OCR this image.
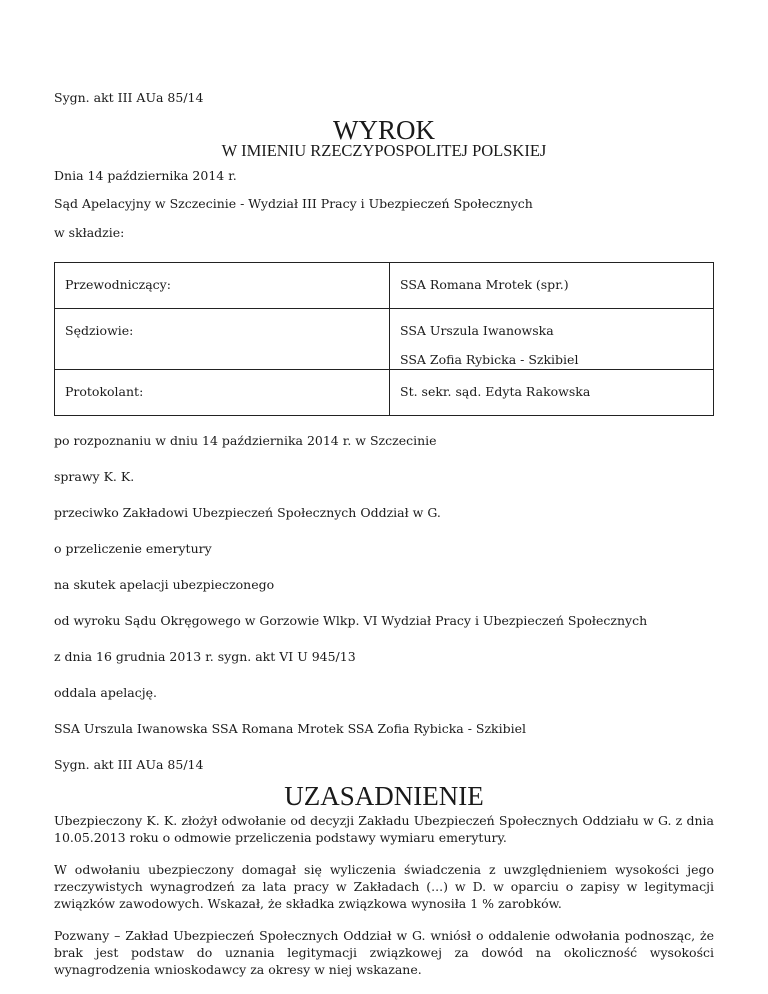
Sygn. akt III AUa 85/14

WYROK
W IMIENIU RZECZYPOSPOLITEJ POLSKIEJ

Dnia 14 października 2014 r.

Sąd Apelacyjny w Szczecinie - Wydział III Pracy i Ubezpieczeń Społecznych

w składzie:

Przewodniczący:	SSA Romana Mrotek (spr.)

Sędziowie:	SSA Urszula Iwanowska
SSA Zofia Rybicka - Szkibiel

Protokolant:	St. sekr. sąd. Edyta Rakowska

po rozpoznaniu w dniu 14 października 2014 r. w Szczecinie

sprawy K. K.

przeciwko Zakładowi Ubezpieczeń Społecznych Oddział w G.

o przeliczenie emerytury

na skutek apelacji ubezpieczonego

od wyroku Sądu Okręgowego w Gorzowie Wlkp. VI Wydział Pracy i Ubezpieczeń Społecznych

z dnia 16 grudnia 2013 r. sygn. akt VI U 945/13

oddala apelację.

SSA Urszula Iwanowska SSA Romana Mrotek SSA Zofia Rybicka - Szkibiel

Sygn. akt III AUa 85/14

UZASADNIENIE

Ubezpieczony K. K. złożył odwołanie od decyzji Zakładu Ubezpieczeń Społecznych Oddziału w G. z dnia 10.05.2013 roku o odmowie przeliczenia podstawy wymiaru emerytury.

W odwołaniu ubezpieczony domagał się wyliczenia świadczenia z uwzględnieniem wysokości jego rzeczywistych wynagrodzeń za lata pracy w Zakładach (...) w D. w oparciu o zapisy w legitymacji związków zawodowych. Wskazał, że składka związkowa wynosiła 1 % zarobków.

Pozwany – Zakład Ubezpieczeń Społecznych Oddział w G. wniósł o oddalenie odwołania podnosząc, że brak jest podstaw do uznania legitymacji związkowej za dowód na okoliczność wysokości wynagrodzenia wnioskodawcy za okresy w niej wskazane.
